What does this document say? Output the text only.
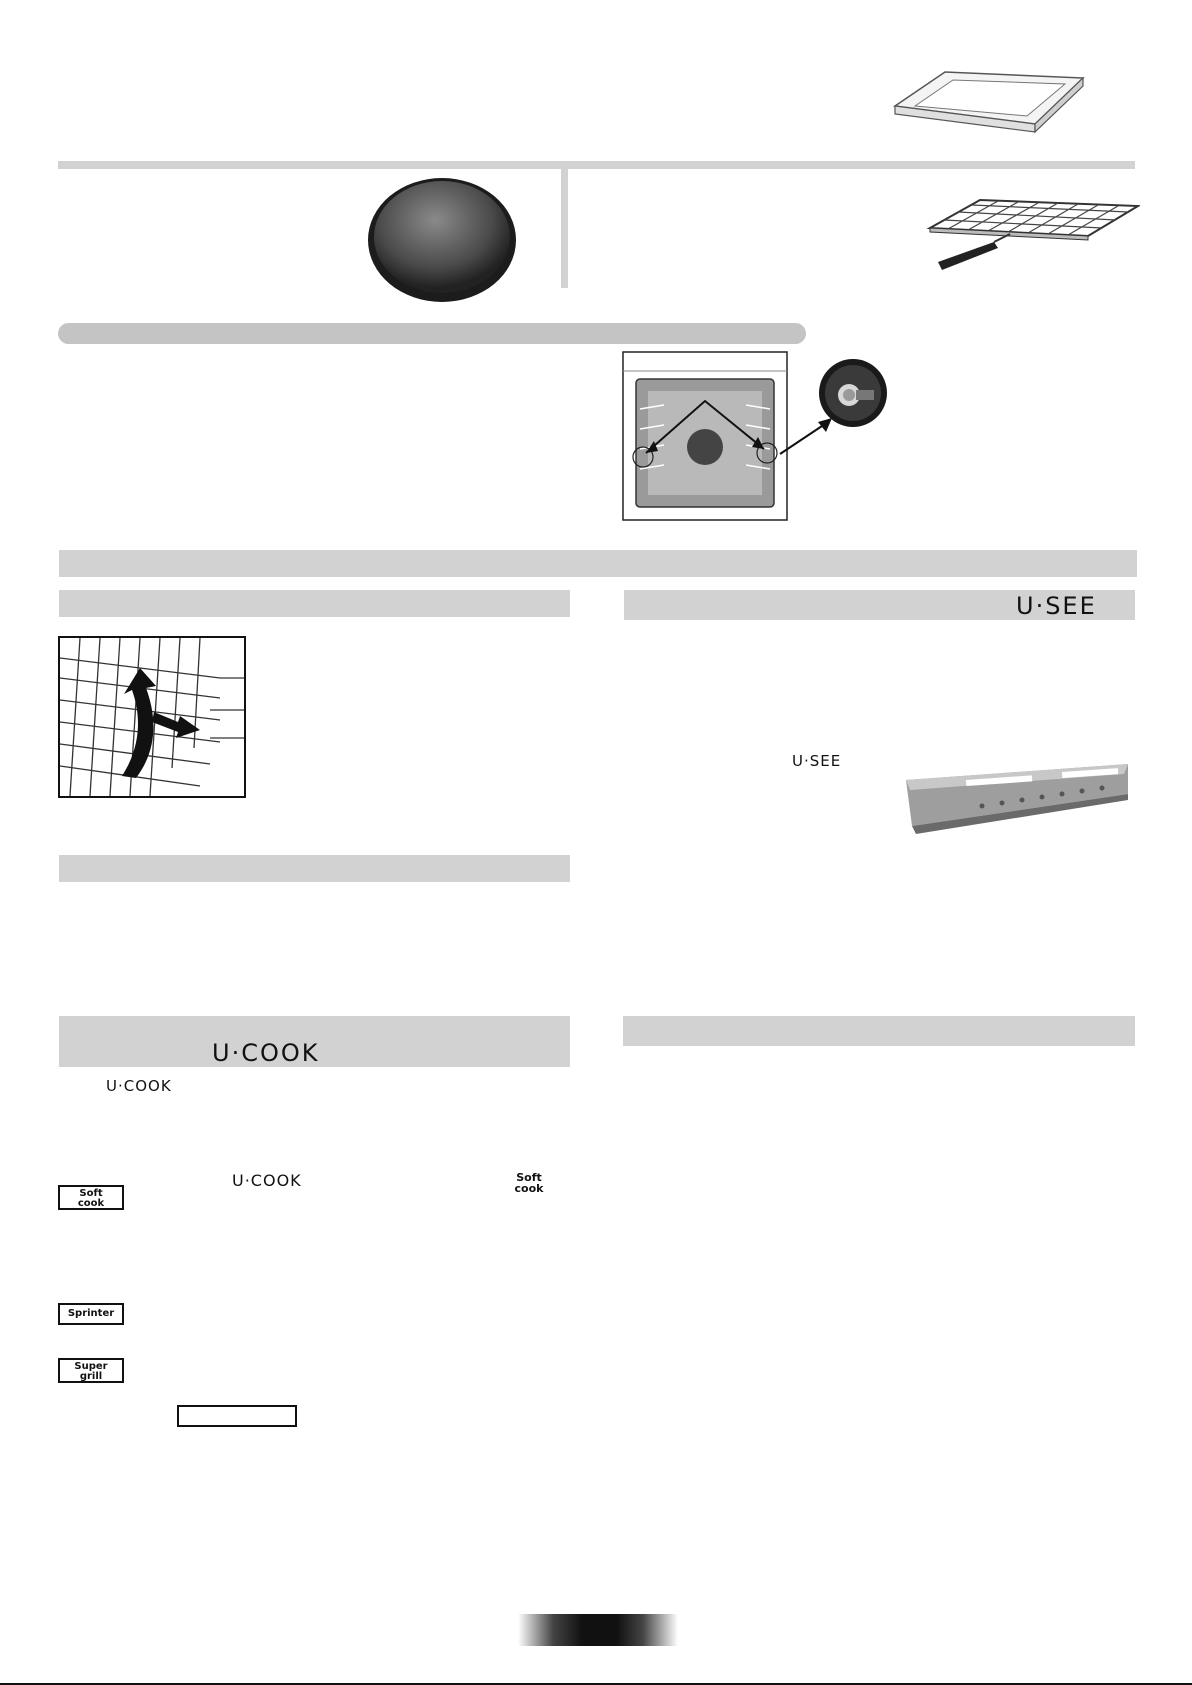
U·SEE
U·SEE
U·COOK
U·COOK
U·COOK	Soft
cook
Soft
cook
Sprinter
Super
grill
